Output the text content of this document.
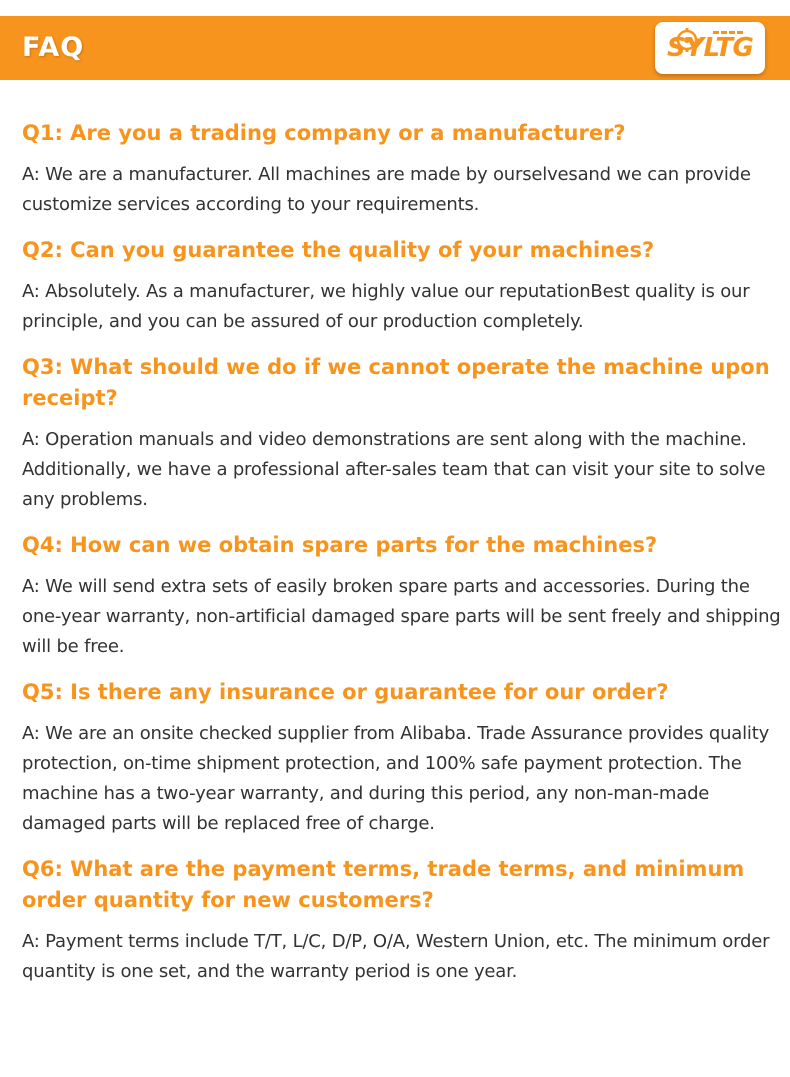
FAQ	SYLTG
Q1: Are you a trading company or a manufacturer?

A: We are a manufacturer. All machines are made by ourselvesand we can provide customize services according to your requirements.

Q2: Can you guarantee the quality of your machines?

A: Absolutely. As a manufacturer, we highly value our reputationBest quality is our principle, and you can be assured of our production completely.

Q3: What should we do if we cannot operate the machine upon receipt?

A: Operation manuals and video demonstrations are sent along with the machine. Additionally, we have a professional after-sales team that can visit your site to solve any problems.

Q4: How can we obtain spare parts for the machines?

A: We will send extra sets of easily broken spare parts and accessories. During the one-year warranty, non-artificial damaged spare parts will be sent freely and shipping will be free.

Q5: Is there any insurance or guarantee for our order?

A: We are an onsite checked supplier from Alibaba. Trade Assurance provides quality protection, on-time shipment protection, and 100% safe payment protection. The machine has a two-year warranty, and during this period, any non-man-made damaged parts will be replaced free of charge.

Q6: What are the payment terms, trade terms, and minimum order quantity for new customers?

A: Payment terms include T/T, L/C, D/P, O/A, Western Union, etc. The minimum order quantity is one set, and the warranty period is one year.
